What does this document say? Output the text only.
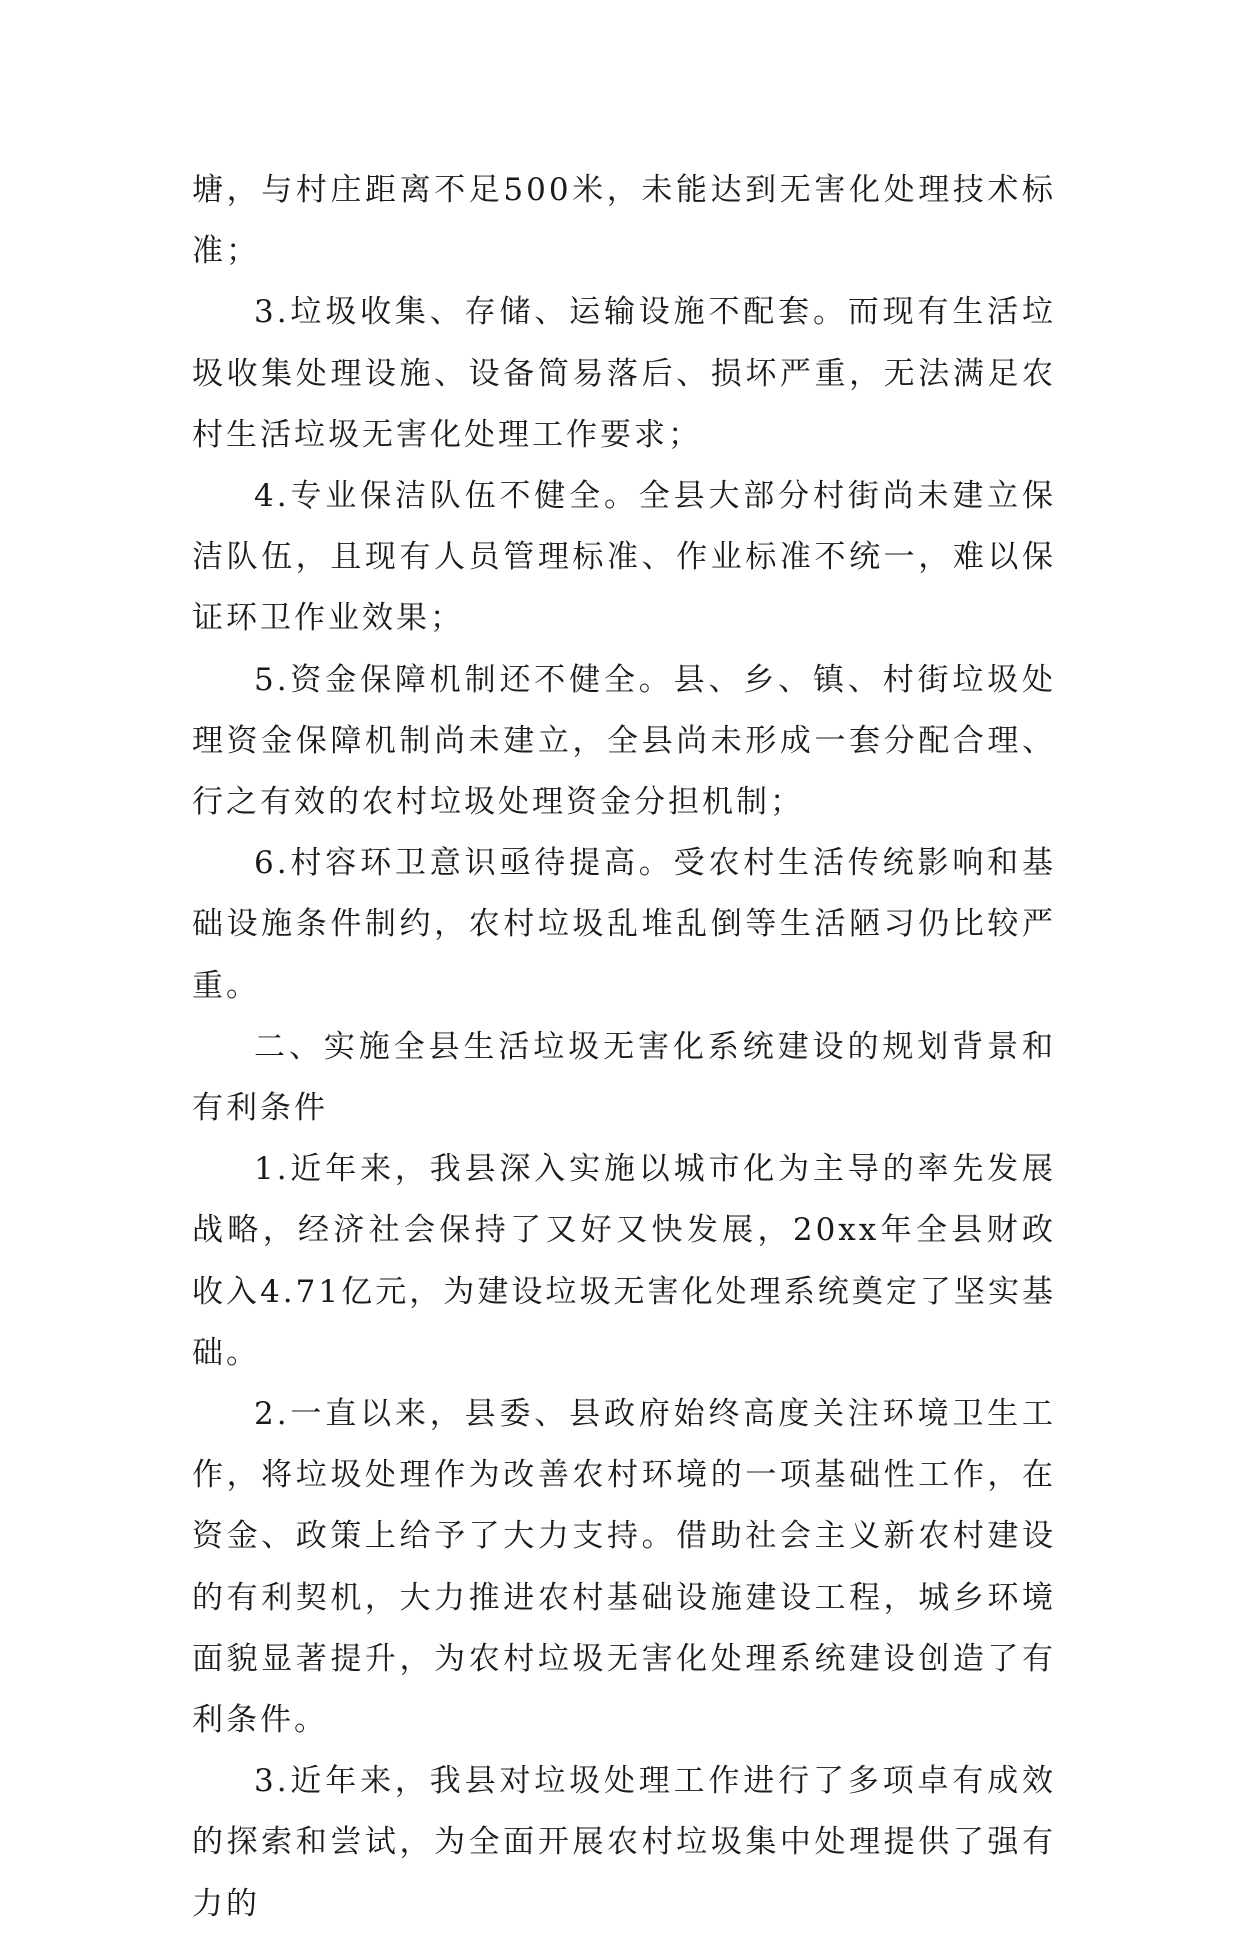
塘，与村庄距离不足500米，未能达到无害化处理技术标准；

3.垃圾收集、存储、运输设施不配套。而现有生活垃圾收集处理设施、设备简易落后、损坏严重，无法满足农村生活垃圾无害化处理工作要求；

4.专业保洁队伍不健全。全县大部分村街尚未建立保洁队伍，且现有人员管理标准、作业标准不统一，难以保证环卫作业效果；

5.资金保障机制还不健全。县、乡、镇、村街垃圾处理资金保障机制尚未建立，全县尚未形成一套分配合理、行之有效的农村垃圾处理资金分担机制；

6.村容环卫意识亟待提高。受农村生活传统影响和基础设施条件制约，农村垃圾乱堆乱倒等生活陋习仍比较严重。

二、实施全县生活垃圾无害化系统建设的规划背景和有利条件

1.近年来，我县深入实施以城市化为主导的率先发展战略，经济社会保持了又好又快发展，20xx年全县财政收入4.71亿元，为建设垃圾无害化处理系统奠定了坚实基础。

2.一直以来，县委、县政府始终高度关注环境卫生工作，将垃圾处理作为改善农村环境的一项基础性工作，在资金、政策上给予了大力支持。借助社会主义新农村建设的有利契机，大力推进农村基础设施建设工程，城乡环境面貌显著提升，为农村垃圾无害化处理系统建设创造了有利条件。

3.近年来，我县对垃圾处理工作进行了多项卓有成效的探索和尝试，为全面开展农村垃圾集中处理提供了强有力的
